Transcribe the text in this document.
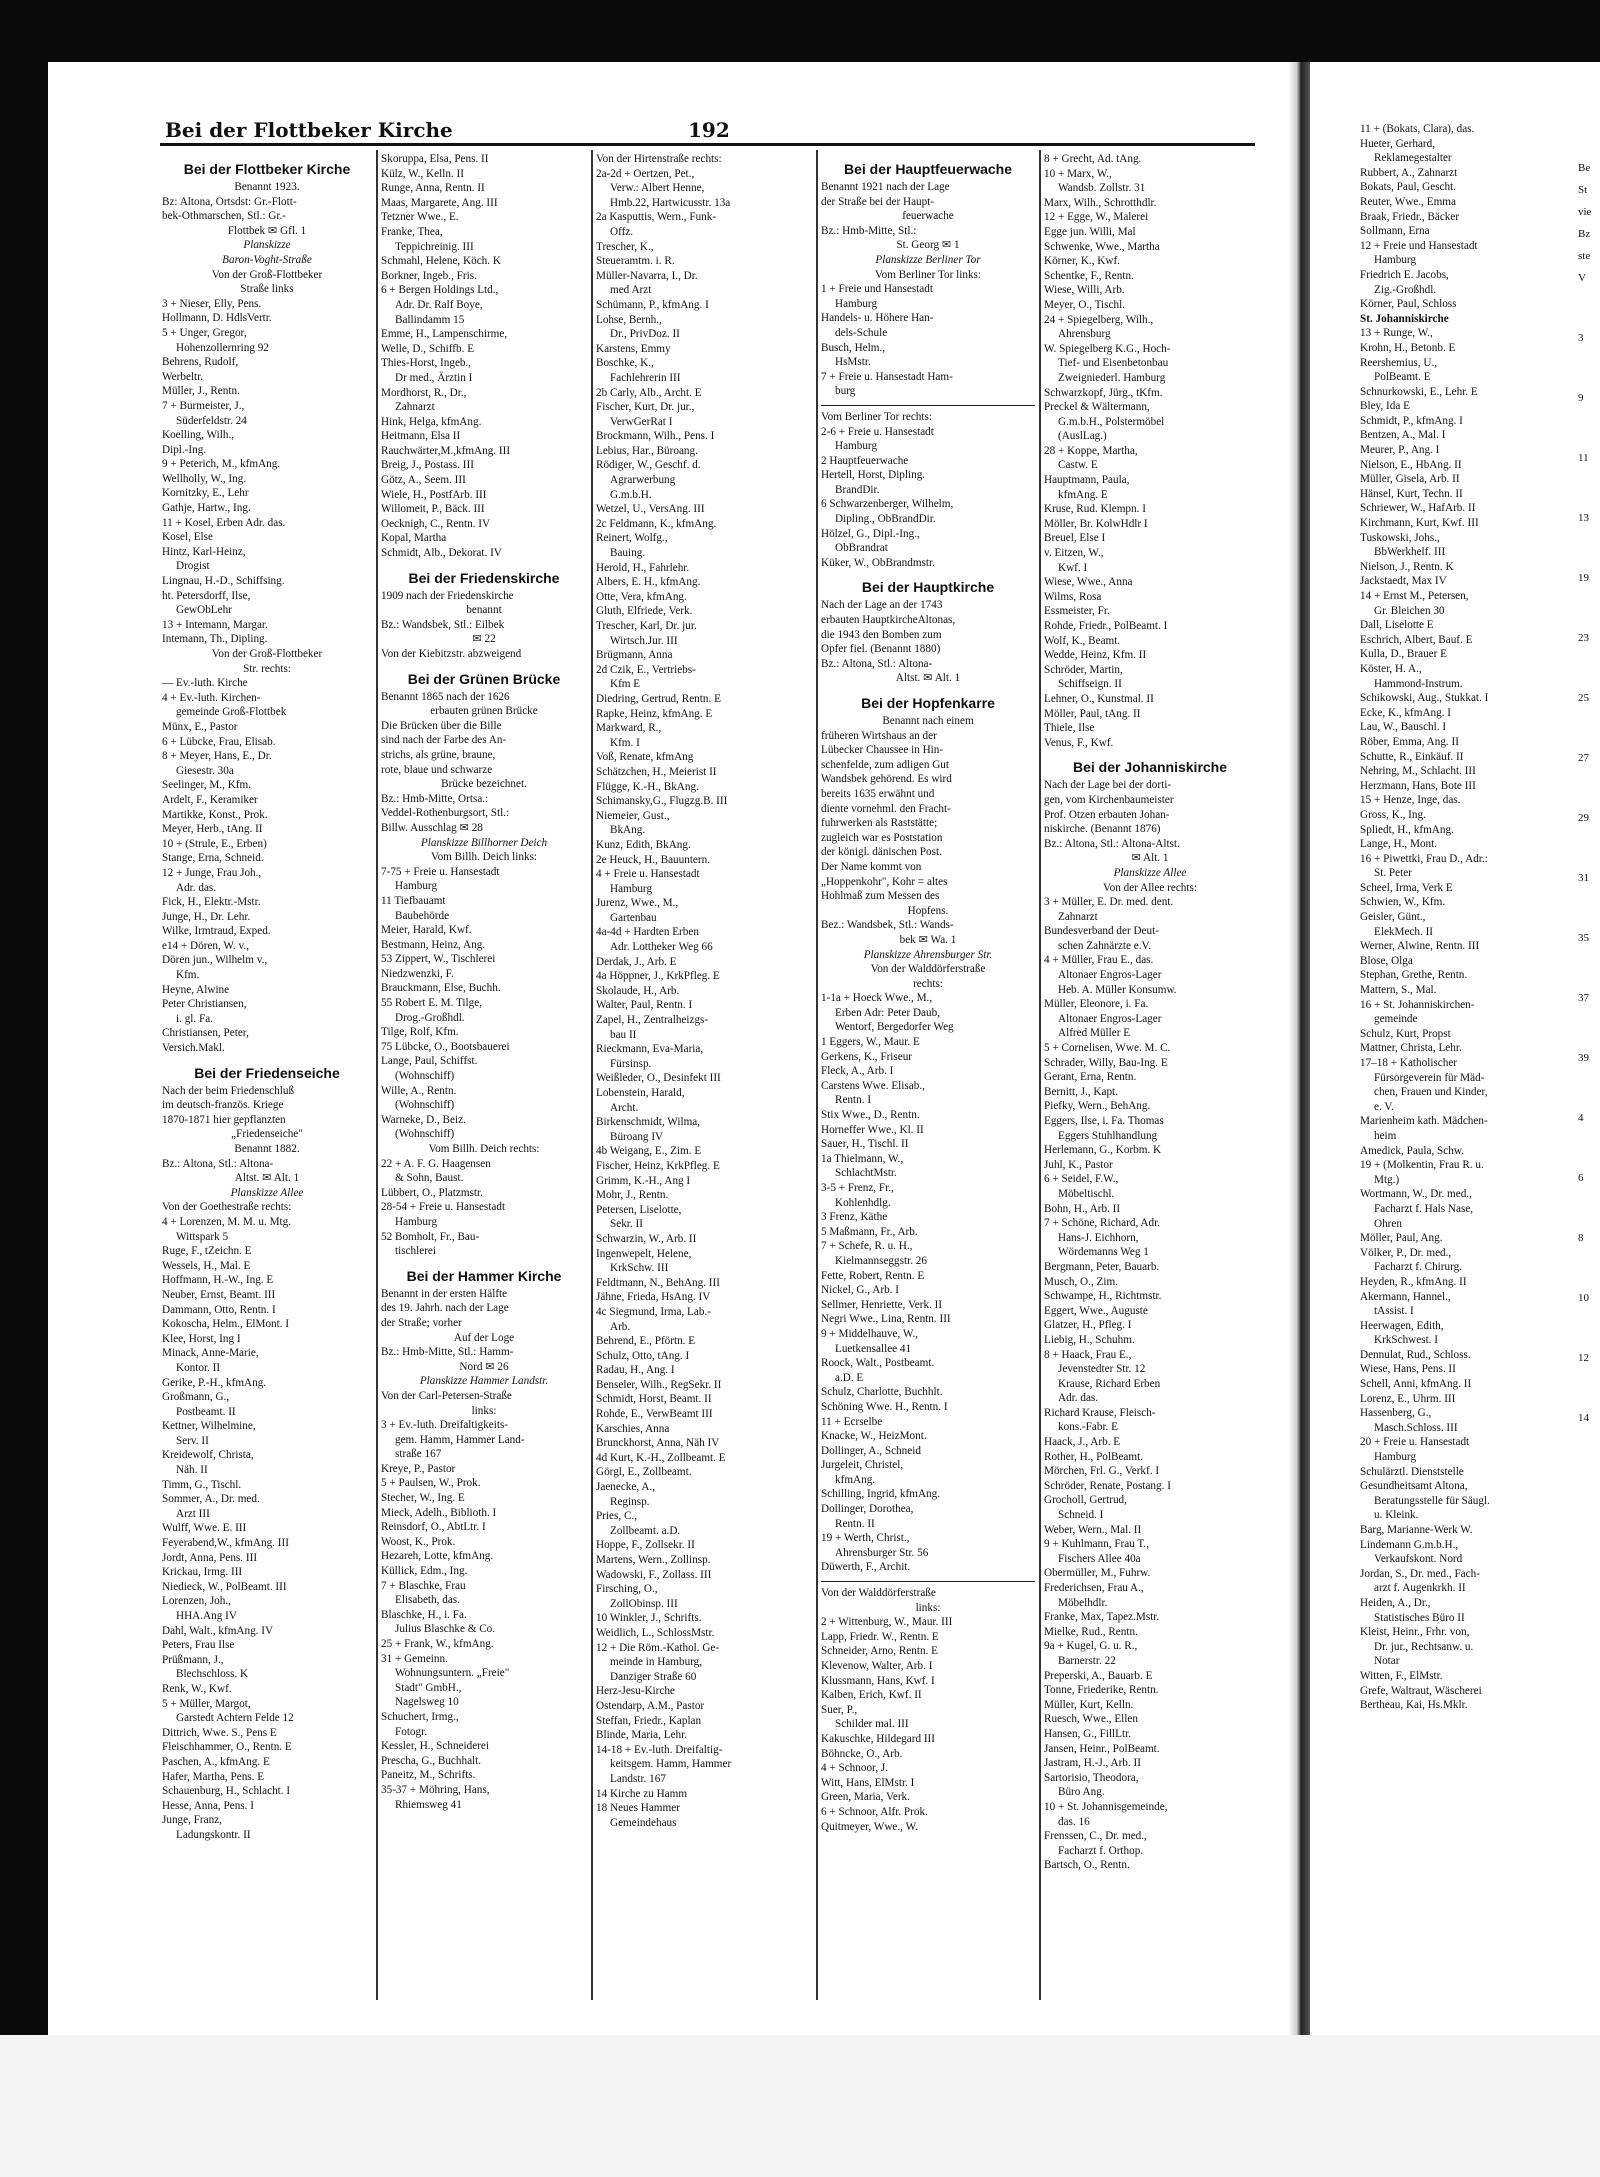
Bei der Flottbeker Kirche	192
Bei der Flottbeker Kirche
Benannt 1923.
Bz: Altona, Ortsdst: Gr.-Flott-
bek-Othmarschen, Stl.: Gr.-
Flottbek ✉ Gfl. 1
Planskizze
Baron-Voght-Straße
Von der Groß-Flottbeker
Straße links
3 + Nieser, Elly, Pens.
Hollmann, D. HdlsVertr.
5 + Unger, Gregor,
Hohenzollernring 92
Behrens, Rudolf,
Werbeltr.
Müller, J., Rentn.
7 + Burmeister, J.,
Süderfeldstr. 24
Koelling, Wilh.,
Dipl.-Ing.
9 + Peterich, M., kfmAng.
Wellholly, W., Ing.
Kornitzky, E., Lehr
Gathje, Hartw., Ing.
11 + Kosel, Erben Adr. das.
Kosel, Else
Hintz, Karl-Heinz,
Drogist
Lingnau, H.-D., Schiffsing.
ht. Petersdorff, Ilse,
GewObLehr
13 + Intemann, Margar.
Intemann, Th., Dipling.
Von der Groß-Flottbeker
Str. rechts:
— Ev.-luth. Kirche
4 + Ev.-luth. Kirchen-
gemeinde Groß-Flottbek
Münx, E., Pastor
6 + Lübcke, Frau, Elisab.
8 + Meyer, Hans, E., Dr.
Giesestr. 30a
Seelinger, M., Kfm.
Ardelt, F., Keramiker
Martikke, Konst., Prok.
Meyer, Herb., tAng. II
10 + (Strule, E., Erben)
Stange, Erna, Schneid.
12 + Junge, Frau Joh.,
Adr. das.
Fick, H., Elektr.-Mstr.
Junge, H., Dr. Lehr.
Wilke, Irmtraud, Exped.
e14 + Dören, W. v.,
Dören jun., Wilhelm v.,
Kfm.
Heyne, Alwine
Peter Christiansen,
i. gl. Fa.
Christiansen, Peter,
Versich.Makl.
Bei der Friedenseiche
Nach der beim Friedenschluß
im deutsch-französ. Kriege
1870-1871 hier gepflanzten
„Friedenseiche"
Benannt 1882.
Bz.: Altona, Stl.: Altona-
Altst. ✉ Alt. 1
Planskizze Allee
Von der Goethestraße rechts:
4 + Lorenzen, M. M. u. Mtg.
Wittspark 5
Ruge, F., tZeichn. E
Wessels, H., Mal. E
Hoffmann, H.-W., Ing. E
Neuber, Ernst, Beamt. III
Dammann, Otto, Rentn. I
Kokoscha, Helm., ElMont. I
Klee, Horst, Ing I
Minack, Anne-Marie,
Kontor. II
Gerike, P.-H., kfmAng.
Großmann, G.,
Postbeamt. II
Kettner, Wilhelmine,
Serv. II
Kreidewolf, Christa,
Näh. II
Timm, G., Tischl.
Sommer, A., Dr. med.
Arzt III
Wulff, Wwe. E. III
Feyerabend,W., kfmAng. III
Jordt, Anna, Pens. III
Krickau, Irmg. III
Niedieck, W., PolBeamt. III
Lorenzen, Joh.,
HHA.Ang IV
Dahl, Walt., kfmAng. IV
Peters, Frau Ilse
Prüßmann, J.,
Blechschloss. K
Renk, W., Kwf.
5 + Müller, Margot,
Garstedt Achtern Felde 12
Dittrich, Wwe. S., Pens E
Fleischhammer, O., Rentn. E
Paschen, A., kfmAng. E
Hafer, Martha, Pens. E
Schauenburg, H., Schlacht. I
Hesse, Anna, Pens. I
Junge, Franz,
Ladungskontr. II
Skoruppa, Elsa, Pens. II
Külz, W., Kelln. II
Runge, Anna, Rentn. II
Maas, Margarete, Ang. III
Tetzner Wwe., E.
Franke, Thea,
Teppichreinig. III
Schmahl, Helene, Köch. K
Borkner, Ingeb., Fris.
6 + Bergen Holdings Ltd.,
Adr. Dr. Ralf Boye,
Ballindamm 15
Emme, H., Lampenschirme,
Welle, D., Schiffb. E
Thies-Horst, Ingeb.,
Dr med., Ärztin I
Mordhorst, R., Dr.,
Zahnarzt
Hink, Helga, kfmAng.
Heitmann, Elsa II
Rauchwärter,M.,kfmAng. III
Breig, J., Postass. III
Götz, A., Seem. III
Wiele, H., PostfArb. III
Willomeit, P., Bäck. III
Oecknigh, C., Rentn. IV
Kopal, Martha
Schmidt, Alb., Dekorat. IV
Bei der Friedenskirche
1909 nach der Friedenskirche
benannt
Bz.: Wandsbek, Stl.: Eilbek
✉ 22
Von der Kiebitzstr. abzweigend
Bei der Grünen Brücke
Benannt 1865 nach der 1626
erbauten grünen Brücke
Die Brücken über die Bille
sind nach der Farbe des An-
strichs, als grüne, braune,
rote, blaue und schwarze
Brücke bezeichnet.
Bz.: Hmb-Mitte, Ortsa.:
Veddel-Rothenburgsort, Stl.:
Billw. Ausschlag ✉ 28
Planskizze Billhorner Deich
Vom Billh. Deich links:
7-75 + Freie u. Hansestadt
Hamburg
11 Tiefbauamt
Baubehörde
Meier, Harald, Kwf.
Bestmann, Heinz, Ang.
53 Zippert, W., Tischlerei
Niedzwenzki, F.
Brauckmann, Else, Buchh.
55 Robert E. M. Tilge,
Drog.-Großhdl.
Tilge, Rolf, Kfm.
75 Lübcke, O., Bootsbauerei
Lange, Paul, Schiffst.
(Wohnschiff)
Wille, A., Rentn.
(Wohnschiff)
Warneke, D., Beiz.
(Wohnschiff)
Vom Billh. Deich rechts:
22 + A. F. G. Haagensen
& Sohn, Baust.
Lübbert, O., Platzmstr.
28-54 + Freie u. Hansestadt
Hamburg
52 Bomholt, Fr., Bau-
tischlerei
Bei der Hammer Kirche
Benannt in der ersten Hälfte
des 19. Jahrh. nach der Lage
der Straße; vorher
Auf der Loge
Bz.: Hmb-Mitte, Stl.: Hamm-
Nord ✉ 26
Planskizze Hammer Landstr.
Von der Carl-Petersen-Straße
links:
3 + Ev.-luth. Dreifaltigkeits-
gem. Hamm, Hammer Land-
straße 167
Kreye, P., Pastor
5 + Paulsen, W., Prok.
Stecher, W., Ing. E
Mieck, Adelh., Biblioth. I
Reinsdorf, O., AbtLtr. I
Woost, K., Prok.
Hezareh, Lotte, kfmAng.
Küllick, Edm., Ing.
7 + Blaschke, Frau
Elisabeth, das.
Blaschke, H., i. Fa.
Julius Blaschke & Co.
25 + Frank, W., kfmAng.
31 + Gemeinn.
Wohnungsuntern. „Freie"
Stadt" GmbH.,
Nagelsweg 10
Schuchert, Irmg.,
Fotogr.
Kessler, H., Schneiderei
Prescha, G., Buchhalt.
Paneitz, M., Schrifts.
35-37 + Möhring, Hans,
Rhiemsweg 41
Von der Hirtenstraße rechts:
2a-2d + Oertzen, Pet.,
Verw.: Albert Henne,
Hmb.22, Hartwicusstr. 13a
2a Kasputtis, Wern., Funk-
Offz.
Trescher, K.,
Steueramtm. i. R.
Müller-Navarra, I., Dr.
med Arzt
Schümann, P., kfmAng. I
Lohse, Bernh.,
Dr., PrivDoz. II
Karstens, Emmy
Boschke, K.,
Fachlehrerin III
2b Carly, Alb., Archt. E
Fischer, Kurt, Dr. jur.,
VerwGerRat I
Brockmann, Wilh., Pens. I
Lebius, Har., Büroang.
Rödiger, W., Geschf. d.
Agrarwerbung
G.m.b.H.
Wetzel, U., VersAng. III
2c Feldmann, K., kfmAng.
Reinert, Wolfg.,
Bauing.
Herold, H., Fahrlehr.
Albers, E. H., kfmAng.
Otte, Vera, kfmAng.
Gluth, Elfriede, Verk.
Trescher, Karl, Dr. jur.
Wirtsch.Jur. III
Brügmann, Anna
2d Czik, E., Vertriebs-
Kfm E
Diedring, Gertrud, Rentn. E
Rapke, Heinz, kfmAng. E
Markward, R.,
Kfm. I
Voß, Renate, kfmAng
Schätzchen, H., Meierist II
Flügge, K.-H., BkAng.
Schimansky,G., Flugzg.B. III
Niemeier, Gust.,
BkAng.
Kunz, Edith, BkAng.
2e Heuck, H., Bauuntern.
4 + Freie u. Hansestadt
Hamburg
Jurenz, Wwe., M.,
Gartenbau
4a-4d + Hardten Erben
Adr. Lottheker Weg 66
Derdak, J., Arb. E
4a Höppner, J., KrkPfleg. E
Skolaude, H., Arb.
Walter, Paul, Rentn. I
Zapel, H., Zentralheizgs-
bau II
Rieckmann, Eva-Maria,
Fürsinsp.
Weißleder, O., Desinfekt III
Lobenstein, Harald,
Archt.
Birkenschmidt, Wilma,
Büroang IV
4b Weigang, E., Zim. E
Fischer, Heinz, KrkPfleg. E
Grimm, K.-H., Ang I
Mohr, J., Rentn.
Petersen, Liselotte,
Sekr. II
Schwarzin, W., Arb. II
Ingenwepelt, Helene,
KrkSchw. III
Feldtmann, N., BehAng. III
Jähne, Frieda, HsAng. IV
4c Siegmund, Irma, Lab.-
Arb.
Behrend, E., Pförtn. E
Schulz, Otto, tAng. I
Radau, H., Ang. I
Benseler, Wilh., RegSekr. II
Schmidt, Horst, Beamt. II
Rohde, E., VerwBeamt III
Karschies, Anna
Brunckhorst, Anna, Näh IV
4d Kurt, K.-H., Zollbeamt. E
Görgl, E., Zollbeamt.
Jaenecke, A.,
Reginsp.
Pries, C.,
Zollbeamt. a.D.
Hoppe, F., Zollsekr. II
Martens, Wern., Zollinsp.
Wadowski, F., Zollass. III
Firsching, O.,
ZollObinsp. III
10 Winkler, J., Schrifts.
Weidlich, L., SchlossMstr.
12 + Die Röm.-Kathol. Ge-
meinde in Hamburg,
Danziger Straße 60
Herz-Jesu-Kirche
Ostendarp, A.M., Pastor
Steffan, Friedr., Kaplan
Blinde, Maria, Lehr.
14-18 + Ev.-luth. Dreifaltig-
keitsgem. Hamm, Hammer
Landstr. 167
14 Kirche zu Hamm
18 Neues Hammer
Gemeindehaus
Bei der Hauptfeuerwache
Benannt 1921 nach der Lage
der Straße bei der Haupt-
feuerwache
Bz.: Hmb-Mitte, Stl.:
St. Georg ✉ 1
Planskizze Berliner Tor
Vom Berliner Tor links:
1 + Freie und Hansestadt
Hamburg
Handels- u. Höhere Han-
dels-Schule
Busch, Helm.,
HsMstr.
7 + Freie u. Hansestadt Ham-
burg
Vom Berliner Tor rechts:
2-6 + Freie u. Hansestadt
Hamburg
2 Hauptfeuerwache
Hertell, Horst, Dipling.
BrandDir.
6 Schwarzenberger, Wilhelm,
Dipling., ObBrandDir.
Hölzel, G., Dipl.-Ing.,
ObBrandrat
Küker, W., ObBrandmstr.
Bei der Hauptkirche
Nach der Lage an der 1743
erbauten HauptkircheAltonas,
die 1943 den Bomben zum
Opfer fiel. (Benannt 1880)
Bz.: Altona, Stl.: Altona-
Altst. ✉ Alt. 1
Bei der Hopfenkarre
Benannt nach einem
früheren Wirtshaus an der
Lübecker Chaussee in Hin-
schenfelde, zum adligen Gut
Wandsbek gehörend. Es wird
bereits 1635 erwähnt und
diente vornehml. den Fracht-
fuhrwerken als Raststätte;
zugleich war es Poststation
der königl. dänischen Post.
Der Name kommt von
„Hoppenkohr", Kohr = altes
Hohlmaß zum Messen des
Hopfens.
Bez.: Wandsbek, Stl.: Wands-
bek ✉ Wa. 1
Planskizze Ahrensburger Str.
Von der Walddörferstraße
rechts:
1-1a + Hoeck Wwe., M.,
Erben Adr: Peter Daub,
Wentorf, Bergedorfer Weg
1 Eggers, W., Maur. E
Gerkens, K., Friseur
Fleck, A., Arb. I
Carstens Wwe. Elisab.,
Rentn. I
Stix Wwe., D., Rentn.
Horneffer Wwe., Kl. II
Sauer, H., Tischl. II
1a Thielmann, W.,
SchlachtMstr.
3-5 + Frenz, Fr.,
Kohlenhdlg.
3 Frenz, Käthe
5 Maßmann, Fr., Arb.
7 + Schefe, R. u. H.,
Kielmannseggstr. 26
Fette, Robert, Rentn. E
Nickel, G., Arb. I
Sellmer, Henriette, Verk. II
Negri Wwe., Lina, Rentn. III
9 + Middelhauve, W.,
Luetkensallee 41
Roock, Walt., Postbeamt.
a.D. E
Schulz, Charlotte, Buchhlt.
Schöning Wwe. H., Rentn. I
11 + Ecrselbe
Knacke, W., HeizMont.
Dollinger, A., Schneid
Jurgeleit, Christel,
kfmAng.
Schilling, Ingrid, kfmAng.
Dollinger, Dorothea,
Rentn. II
19 + Werth, Christ.,
Ahrensburger Str. 56
Düwerth, F., Archit.
Von der Walddörferstraße
links:
2 + Wittenburg, W., Maur. III
Lapp, Friedr. W., Rentn. E
Schneider, Arno, Rentn. E
Klevenow, Walter, Arb. I
Klussmann, Hans, Kwf. I
Kalben, Erich, Kwf. II
Suer, P.,
Schilder mal. III
Kakuschke, Hildegard III
Böhncke, O., Arb.
4 + Schnoor, J.
Witt, Hans, ElMstr. I
Green, Maria, Verk.
6 + Schnoor, Alfr. Prok.
Quitmeyer, Wwe., W.
8 + Grecht, Ad. tAng.
10 + Marx, W.,
Wandsb. Zollstr. 31
Marx, Wilh., Schrotthdlr.
12 + Egge, W., Malerei
Egge jun. Willi, Mal
Schwenke, Wwe., Martha
Körner, K., Kwf.
Schentke, F., Rentn.
Wiese, Willi, Arb.
Meyer, O., Tischl.
24 + Spiegelberg, Wilh.,
Ahrensburg
W. Spiegelberg K.G., Hoch-
Tief- und Eisenbetonbau
Zweigniederl. Hamburg
Schwarzkopf, Jürg., tKfm.
Preckel & Wältermann,
G.m.b.H., Polstermöbel
(AuslLag.)
28 + Koppe, Martha,
Castw. E
Hauptmann, Paula,
kfmAng. E
Kruse, Rud. Klempn. I
Möller, Br. KolwHdlr I
Breuel, Else I
v. Eitzen, W.,
Kwf. I
Wiese, Wwe., Anna
Wilms, Rosa
Essmeister, Fr.
Rohde, Friedr., PolBeamt. I
Wolf, K., Beamt.
Wedde, Heinz, Kfm. II
Schröder, Martin,
Schiffseign. II
Lehner, O., Kunstmal. II
Möller, Paul, tAng. II
Thiele, Ilse
Venus, F., Kwf.
Bei der Johanniskirche
Nach der Lage bei der dorti-
gen, vom Kirchenbaumeister
Prof. Otzen erbauten Johan-
niskirche. (Benannt 1876)
Bz.: Altona, Stl.: Altona-Altst.
✉ Alt. 1
Planskizze Allee
Von der Allee rechts:
3 + Müller, E. Dr. med. dent.
Zahnarzt
Bundesverband der Deut-
schen Zahnärzte e.V.
4 + Müller, Frau E., das.
Altonaer Engros-Lager
Heb. A. Müller Konsumw.
Müller, Eleonore, i. Fa.
Altonaer Engros-Lager
Alfred Müller E
5 + Cornelisen, Wwe. M. C.
Schrader, Willy, Bau-Ing. E
Gerant, Erna, Rentn.
Bernitt, J., Kapt.
Piefky, Wern., BehAng.
Eggers, Ilse, i. Fa. Thomas
Eggers Stuhlhandlung
Herlemann, G., Korbm. K
Juhl, K., Pastor
6 + Seidel, F.W.,
Möbeltischl.
Bohn, H., Arb. II
7 + Schöne, Richard, Adr.
Hans-J. Eichhorn,
Wördemanns Weg 1
Bergmann, Peter, Bauarb.
Musch, O., Zim.
Schwampe, H., Richtmstr.
Eggert, Wwe., Auguste
Glatzer, H., Pfleg. I
Liebig, H., Schuhm.
8 + Haack, Frau E.,
Jevenstedter Str. 12
Krause, Richard Erben
Adr. das.
Richard Krause, Fleisch-
kons.-Fabr. E
Haack, J., Arb. E
Rother, H., PolBeamt.
Mörchen, Frl. G., Verkf. I
Schröder, Renate, Postang. I
Grocholl, Gertrud,
Schneid. I
Weber, Wern., Mal. II
9 + Kuhlmann, Frau T.,
Fischers Allee 40a
Obermüller, M., Fuhrw.
Frederichsen, Frau A.,
Möbelhdlr.
Franke, Max, Tapez.Mstr.
Mielke, Rud., Rentn.
9a + Kugel, G. u. R.,
Barnerstr. 22
Preperski, A., Bauarb. E
Tonne, Friederike, Rentn.
Müller, Kurt, Kelln.
Ruesch, Wwe., Ellen
Hansen, G., FillLtr.
Jansen, Heinr., PolBeamt.
Jastram, H.-J., Arb. II
Sartorisio, Theodora,
Büro Ang.
10 + St. Johannisgemeinde,
das. 16
Frenssen, C., Dr. med.,
Facharzt f. Orthop.
Bartsch, O., Rentn.
11 + (Bokats, Clara), das.
Hueter, Gerhard,
Reklamegestalter
Rubbert, A., Zahnarzt
Bokats, Paul, Gescht.
Reuter, Wwe., Emma
Braak, Friedr., Bäcker
Sollmann, Erna
12 + Freie und Hansestadt
Hamburg
Friedrich E. Jacobs,
Zig.-Großhdl.
Körner, Paul, Schloss
St. Johanniskirche
13 + Runge, W.,
Krohn, H., Betonb. E
Reershemius, U.,
PolBeamt. E
Schnurkowski, E., Lehr. E
Bley, Ida E
Schmidt, P., kfmAng. I
Bentzen, A., Mal. I
Meurer, P., Ang. I
Nielson, E., HbAng. II
Müller, Gisela, Arb. II
Hänsel, Kurt, Techn. II
Schriewer, W., HafArb. II
Kirchmann, Kurt, Kwf. III
Tuskowski, Johs.,
BbWerkhelf. III
Nielson, J., Rentn. K
Jackstaedt, Max IV
14 + Ernst M., Petersen,
Gr. Bleichen 30
Dall, Liselotte E
Eschrich, Albert, Bauf. E
Kulla, D., Brauer E
Köster, H. A.,
Hammond-Instrum.
Schikowski, Aug., Stukkat. I
Ecke, K., kfmAng. I
Lau, W., Bauschl. I
Röber, Emma, Ang. II
Schutte, R., Einkäuf. II
Nehring, M., Schlacht. III
Herzmann, Hans, Bote III
15 + Henze, Inge, das.
Gross, K., Ing.
Spliedt, H., kfmAng.
Lange, H., Mont.
16 + Piwettki, Frau D., Adr.:
St. Peter
Scheel, Irma, Verk E
Schwien, W., Kfm.
Geisler, Günt.,
ElekMech. II
Werner, Alwine, Rentn. III
Blose, Olga
Stephan, Grethe, Rentn.
Mattern, S., Mal.
16 + St. Johanniskirchen-
gemeinde
Schulz, Kurt, Propst
Mattner, Christa, Lehr.
17–18 + Katholischer
Fürsorgeverein für Mäd-
chen, Frauen und Kinder,
e. V.
Marienheim kath. Mädchen-
heim
Amedick, Paula, Schw.
19 + (Molkentin, Frau R. u.
Mtg.)
Wortmann, W., Dr. med.,
Facharzt f. Hals Nase,
Ohren
Möller, Paul, Ang.
Völker, P., Dr. med.,
Facharzt f. Chirurg.
Heyden, R., kfmAng. II
Akermann, Hannel.,
tAssist. I
Heerwagen, Edith,
KrkSchwest. I
Dennulat, Rud., Schloss.
Wiese, Hans, Pens. II
Schell, Anni, kfmAng. II
Lorenz, E., Uhrm. III
Hassenberg, G.,
Masch.Schloss. III
20 + Freie u. Hansestadt
Hamburg
Schulärztl. Dienststelle
Gesundheitsamt Altona,
Beratungsstelle für Säugl.
u. Kleink.
Barg, Marianne-Werk W.
Lindemann G.m.b.H.,
Verkaufskont. Nord
Jordan, S., Dr. med., Fach-
arzt f. Augenkrkh. II
Heiden, A., Dr.,
Statistisches Büro II
Kleist, Heinr., Frhr. von,
Dr. jur., Rechtsanw. u.
Notar
Witten, F., ElMstr.
Grefe, Waltraut, Wäscherei
Bertheau, Kai, Hs.Mklr.
Be
St
vie
Bz
ste
V
3
9
11
13
19
23
25
27
29
31
35
37
39
4
6
8
10
12
14
